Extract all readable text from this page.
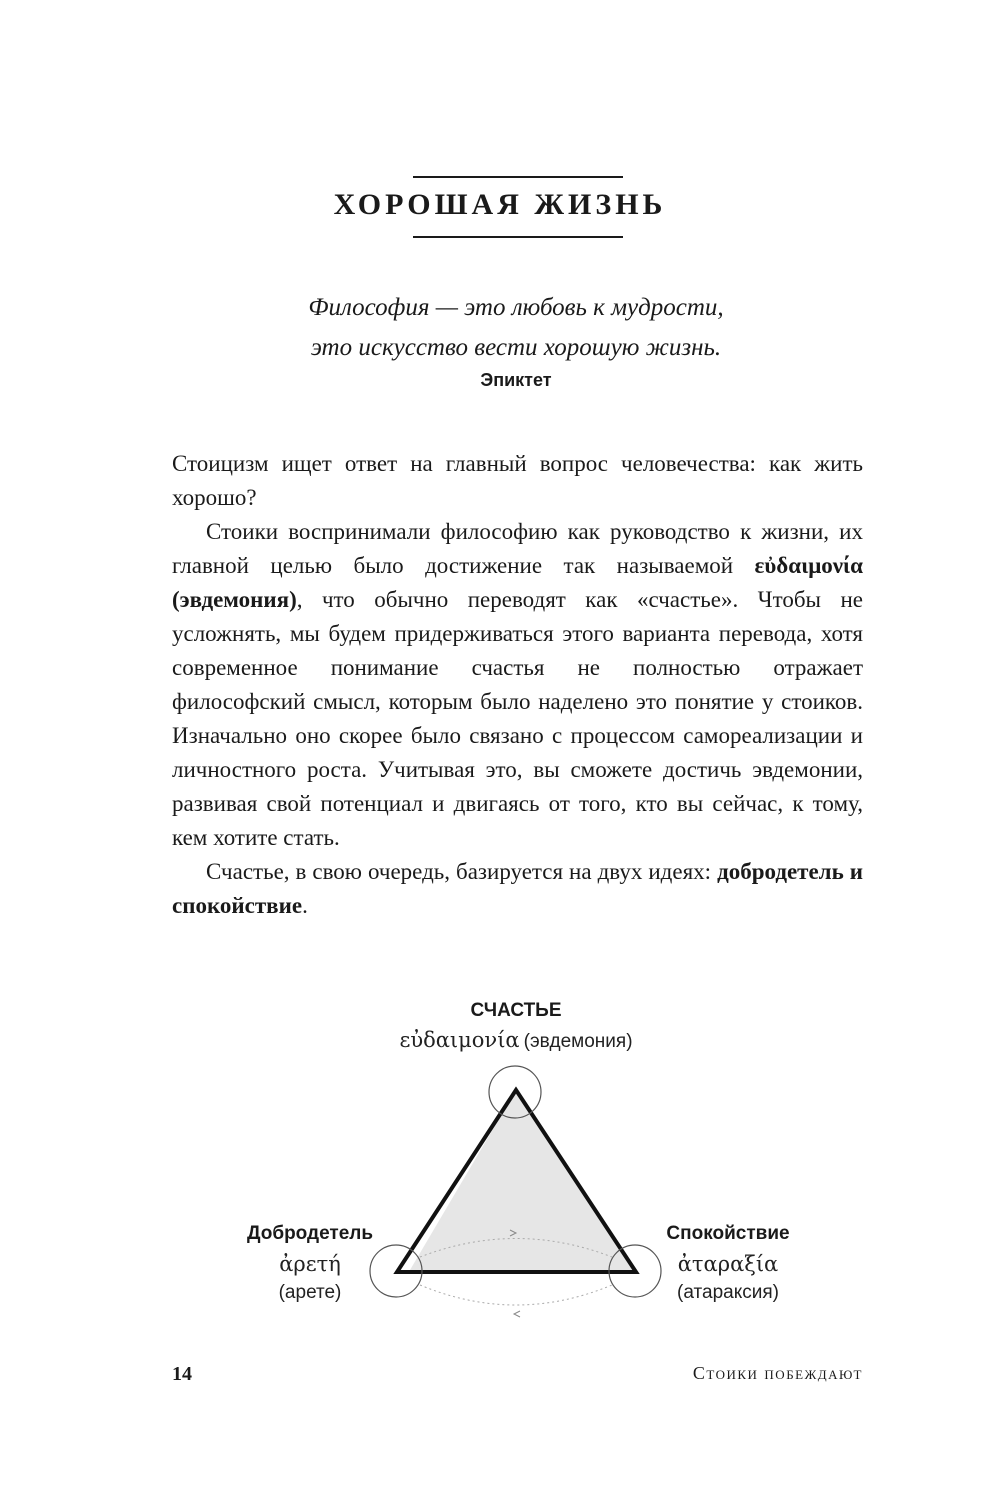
ХОРОШАЯ ЖИЗНЬ
Философия — это любовь к мудрости,
это искусство вести хорошую жизнь.
Эпиктет

Стоицизм ищет ответ на главный вопрос человечества: как жить хорошо?

Стоики воспринимали философию как руководство к жизни, их главной целью было достижение так называемой εὐδαιμονία (эвдемония), что обычно переводят как «счастье». Чтобы не усложнять, мы будем придерживаться этого варианта перевода, хотя современное понимание счастья не полностью отражает философский смысл, которым было наделено это понятие у стоиков. Изначально оно скорее было связано с процессом самореализации и личностного роста. Учитывая это, вы сможете достичь эвдемонии, развивая свой потенциал и двигаясь от того, кто вы сейчас, к тому, кем хотите стать.

Счастье, в свою очередь, базируется на двух идеях: добродетель и спокойствие.

СЧАСТЬЕ
εὐδαιμονία (эвдемония)
Добродетель
ἀρετή
(арете)
Спокойствие
ἀταραξία
(атараксия)
14	Стоики побеждают
